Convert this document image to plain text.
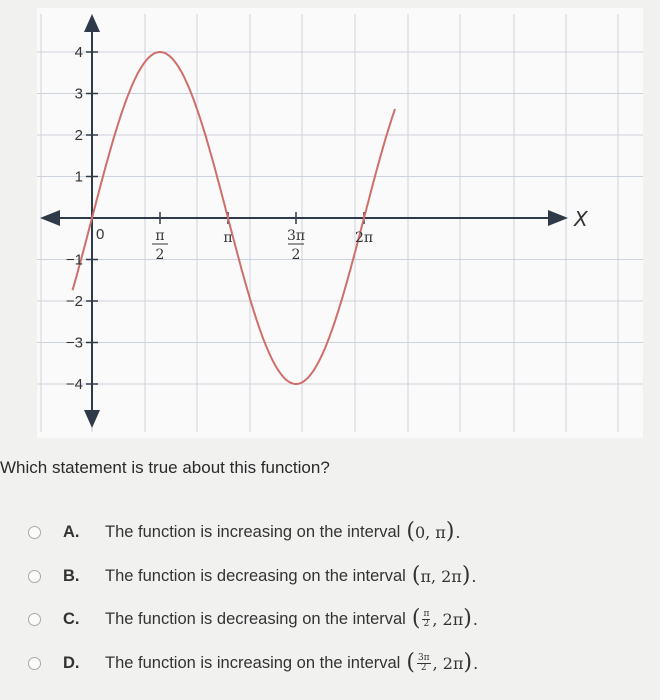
4
3
2
1
−1
−2
−3
−4
0	π
2
3π
2
π	2π
X

Which statement is true about this function?

A.	The function is increasing on the interval ( 0 , π ) .
B.	The function is decreasing on the interval ( π , 2π ) .
C.	The function is decreasing on the interval ( $\frac{\pi}{2}$ , 2π ) .
D.	The function is increasing on the interval ( $\frac{3\pi}{2}$ , 2π ) .
